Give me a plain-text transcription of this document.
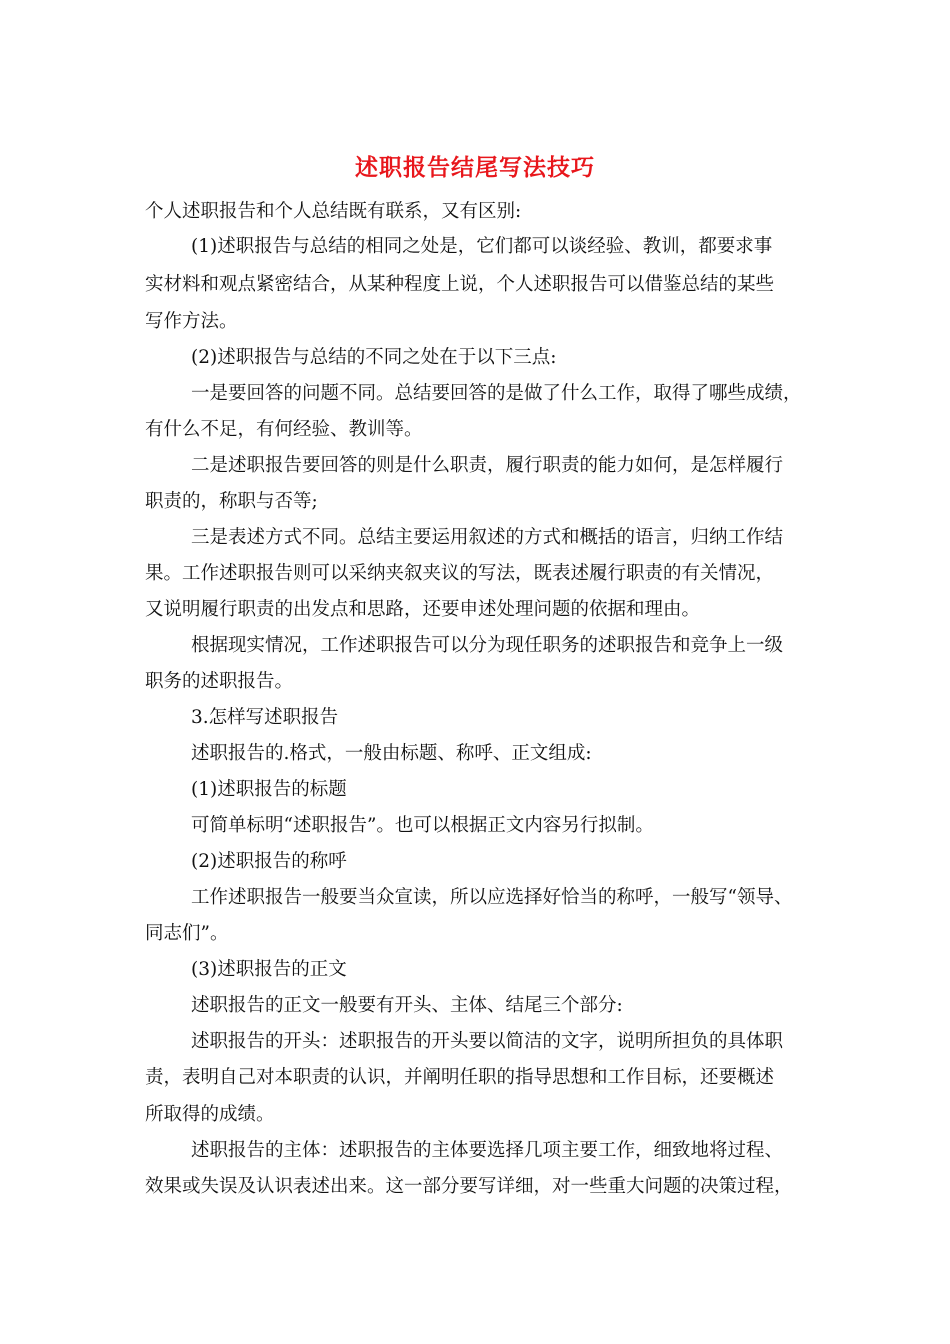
述职报告结尾写法技巧
个人述职报告和个人总结既有联系，又有区别:
(1)述职报告与总结的相同之处是，它们都可以谈经验、教训，都要求事
实材料和观点紧密结合，从某种程度上说，个人述职报告可以借鉴总结的某些
写作方法。
(2)述职报告与总结的不同之处在于以下三点:
一是要回答的问题不同。总结要回答的是做了什么工作，取得了哪些成绩，
有什么不足，有何经验、教训等。
二是述职报告要回答的则是什么职责，履行职责的能力如何，是怎样履行
职责的，称职与否等;
三是表述方式不同。总结主要运用叙述的方式和概括的语言，归纳工作结
果。工作述职报告则可以采纳夹叙夹议的写法，既表述履行职责的有关情况，
又说明履行职责的出发点和思路，还要申述处理问题的依据和理由。
根据现实情况，工作述职报告可以分为现任职务的述职报告和竞争上一级
职务的述职报告。
3.怎样写述职报告
述职报告的.格式，一般由标题、称呼、正文组成:
(1)述职报告的标题
可简单标明“述职报告”。也可以根据正文内容另行拟制。
(2)述职报告的称呼
工作述职报告一般要当众宣读，所以应选择好恰当的称呼，一般写“领导、
同志们”。
(3)述职报告的正文
述职报告的正文一般要有开头、主体、结尾三个部分:
述职报告的开头：述职报告的开头要以简洁的文字，说明所担负的具体职
责，表明自己对本职责的认识，并阐明任职的指导思想和工作目标，还要概述
所取得的成绩。
述职报告的主体：述职报告的主体要选择几项主要工作，细致地将过程、
效果或失误及认识表述出来。这一部分要写详细，对一些重大问题的决策过程，
